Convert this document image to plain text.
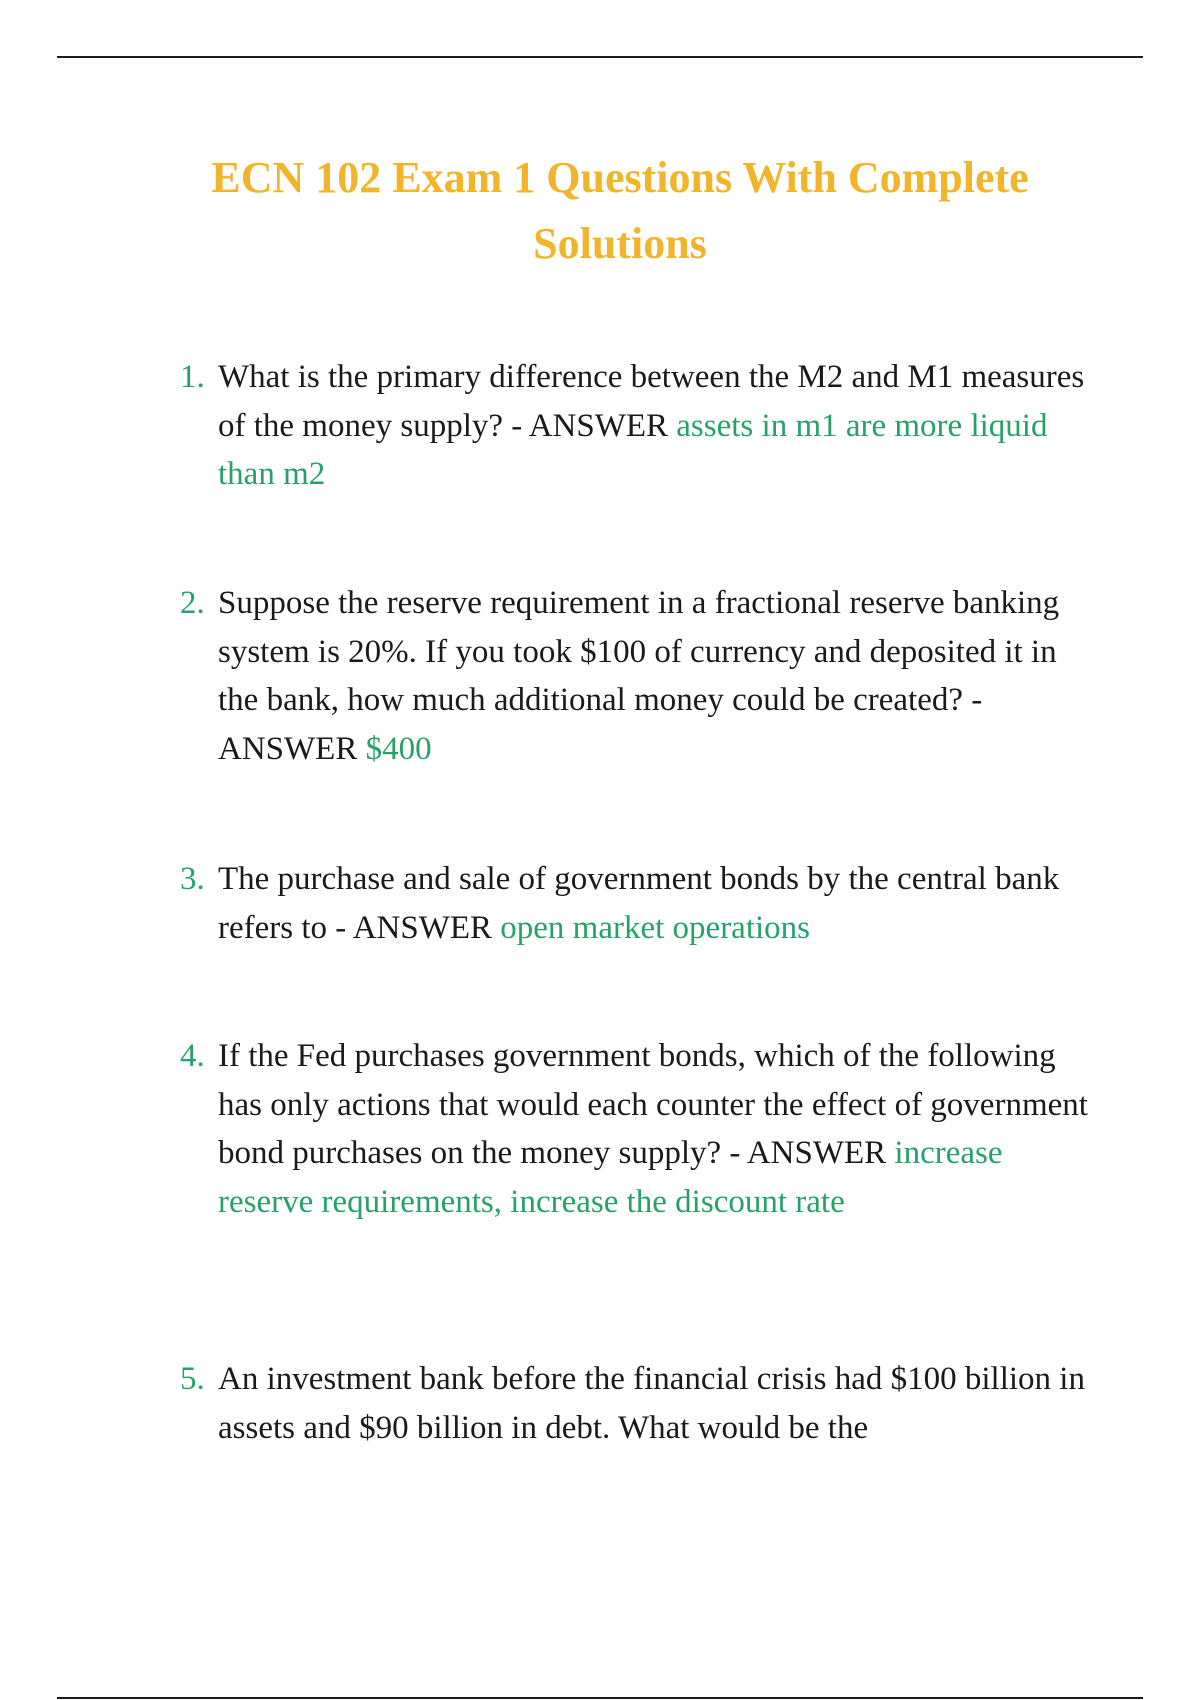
ECN 102 Exam 1 Questions With Complete Solutions
1. What is the primary difference between the M2 and M1 measures of the money supply? - ANSWER assets in m1 are more liquid than m2
2. Suppose the reserve requirement in a fractional reserve banking system is 20%. If you took $100 of currency and deposited it in the bank, how much additional money could be created? - ANSWER $400
3. The purchase and sale of government bonds by the central bank refers to - ANSWER open market operations
4. If the Fed purchases government bonds, which of the following has only actions that would each counter the effect of government bond purchases on the money supply? - ANSWER increase reserve requirements, increase the discount rate
5. An investment bank before the financial crisis had $100 billion in assets and $90 billion in debt. What would be the
